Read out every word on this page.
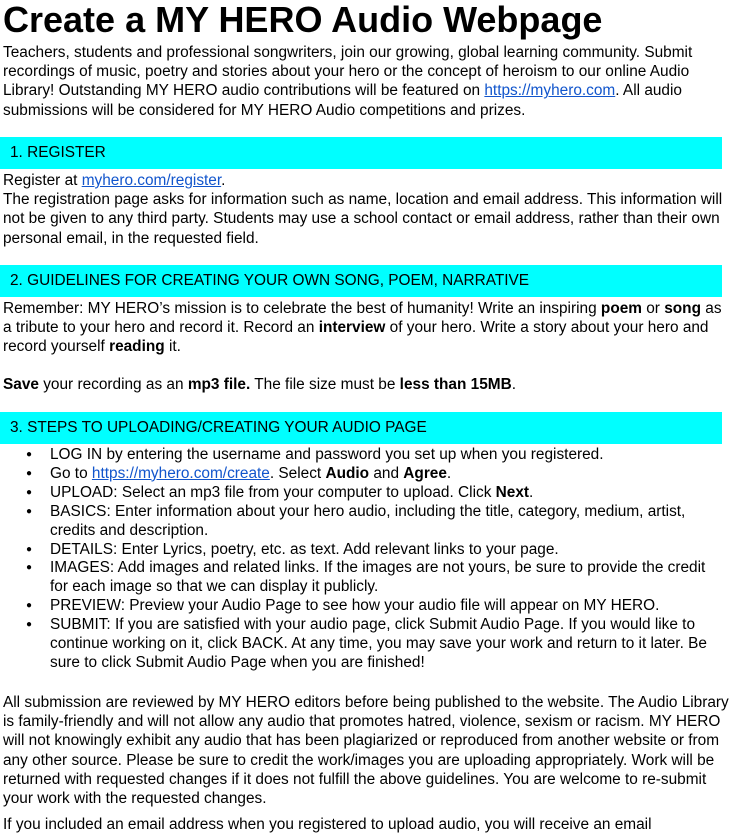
Create a MY HERO Audio Webpage
Teachers, students and professional songwriters, join our growing, global learning community. Submit recordings of music, poetry and stories about your hero or the concept of heroism to our online Audio Library! Outstanding MY HERO audio contributions will be featured on https://myhero.com. All audio submissions will be considered for MY HERO Audio competitions and prizes.
1. REGISTER
Register at myhero.com/register.
The registration page asks for information such as name, location and email address. This information will not be given to any third party. Students may use a school contact or email address, rather than their own personal email, in the requested field.
2. GUIDELINES FOR CREATING YOUR OWN SONG, POEM, NARRATIVE
Remember: MY HERO’s mission is to celebrate the best of humanity! Write an inspiring poem or song as a tribute to your hero and record it. Record an interview of your hero. Write a story about your hero and record yourself reading it.
Save your recording as an mp3 file. The file size must be less than 15MB.
3. STEPS TO UPLOADING/CREATING YOUR AUDIO PAGE
● LOG IN by entering the username and password you set up when you registered.
● Go to https://myhero.com/create. Select Audio and Agree.
● UPLOAD: Select an mp3 file from your computer to upload. Click Next.
● BASICS: Enter information about your hero audio, including the title, category, medium, artist, credits and description.
● DETAILS: Enter Lyrics, poetry, etc. as text. Add relevant links to your page.
● IMAGES: Add images and related links. If the images are not yours, be sure to provide the credit for each image so that we can display it publicly.
● PREVIEW: Preview your Audio Page to see how your audio file will appear on MY HERO.
● SUBMIT: If you are satisfied with your audio page, click Submit Audio Page. If you would like to continue working on it, click BACK. At any time, you may save your work and return to it later. Be sure to click Submit Audio Page when you are finished!
All submission are reviewed by MY HERO editors before being published to the website. The Audio Library is family-friendly and will not allow any audio that promotes hatred, violence, sexism or racism. MY HERO will not knowingly exhibit any audio that has been plagiarized or reproduced from another website or from any other source. Please be sure to credit the work/images you are uploading appropriately. Work will be returned with requested changes if it does not fulfill the above guidelines. You are welcome to re-submit your work with the requested changes.
If you included an email address when you registered to upload audio, you will receive an email
